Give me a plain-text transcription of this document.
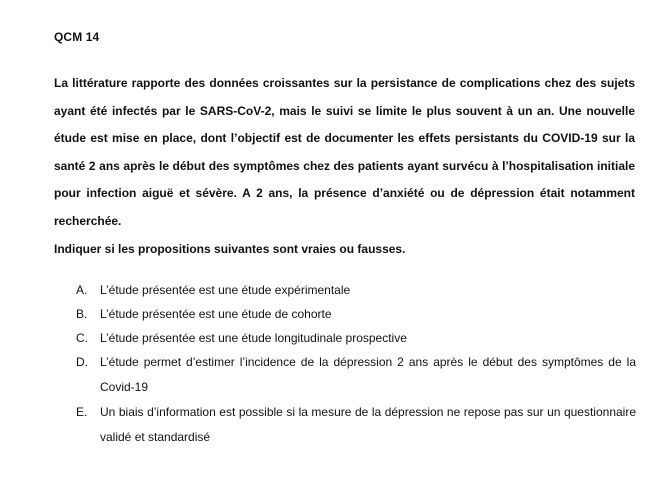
QCM 14

La littérature rapporte des données croissantes sur la persistance de complications chez des sujets ayant été infectés par le SARS-CoV-2, mais le suivi se limite le plus souvent à un an. Une nouvelle étude est mise en place, dont l’objectif est de documenter les effets persistants du COVID-19 sur la santé 2 ans après le début des symptômes chez des patients ayant survécu à l’hospitalisation initiale pour infection aiguë et sévère. A 2 ans, la présence d’anxiété ou de dépression était notamment recherchée.

Indiquer si les propositions suivantes sont vraies ou fausses.

A.	L’étude présentée est une étude expérimentale
B.	L’étude présentée est une étude de cohorte
C.	L’étude présentée est une étude longitudinale prospective
D.	L’étude permet d’estimer l’incidence de la dépression 2 ans après le début des symptômes de la Covid-19
E.	Un biais d’information est possible si la mesure de la dépression ne repose pas sur un questionnaire validé et standardisé
